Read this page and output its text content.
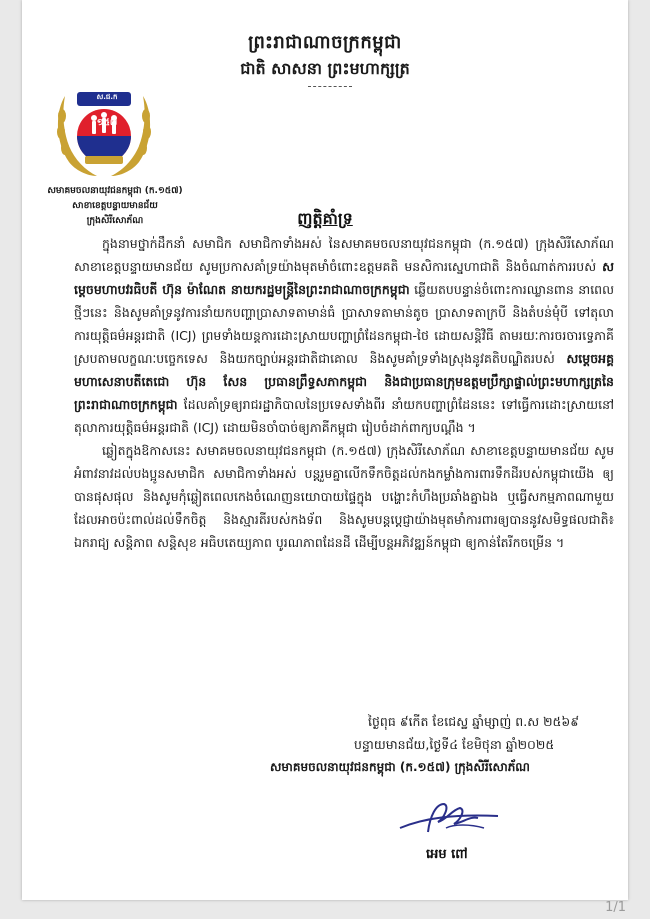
ព្រះរាជាណាចក្រកម្ពុជា
ជាតិ សាសនា ព្រះមហាក្សត្រ
ស.ជ.ក
១៥៧
សមាគមចលនាយុវជនកម្ពុជា (ក.១៥៧)
សាខាខេត្តបន្ទាយមានជ័យ
ក្រុងសិរីសោភ័ណ	ញត្តិគាំទ្រ

ក្នុងនាមថ្នាក់ដឹកនាំ សមាជិក សមាជិកាទាំងអស់ នៃសមាគមចលនាយុវជនកម្ពុជា (ក.១៥៧) ក្រុងសិរីសោភ័ណ សាខាខេត្តបន្ទាយមានជ័យ សូមប្រកាសគាំទ្រយ៉ាងមុតមាំចំពោះឧត្តមគតិ មនសិការស្នេហាជាតិ និងចំណាត់ការរបស់ សម្តេចមហាបវរធិបតី ហ៊ុន ម៉ាណែត នាយករដ្ឋមន្ត្រីនៃព្រះរាជាណាចក្រកម្ពុជា ឆ្លើយតបបន្ទាន់ចំពោះការឈ្លានពាន នាពេលថ្មីៗនេះ និងសូមគាំទ្រនូវការនាំយកបញ្ហាប្រាសាទតាមាន់ធំ ប្រាសាទតាមាន់តូច ប្រាសាទតាក្របី និងតំបន់មុំបី ទៅតុលាការយុត្តិធម៌អន្តរជាតិ (ICJ) ព្រមទាំងយន្តការដោះស្រាយបញ្ហាព្រំដែនកម្ពុជា-ថៃ ដោយសន្តិវិធី តាមរយៈការចរចារទ្វេភាគី ស្របតាមលក្ខណៈបច្ចេកទេស និងយកច្បាប់អន្តរជាតិជាគោល និងសូមគាំទ្រទាំងស្រុងនូវគតិបណ្ឌិតរបស់ សម្តេចអគ្គមហាសេនាបតីតេជោ ហ៊ុន សែន ប្រធានព្រឹទ្ធសភាកម្ពុជា និងជាប្រធានក្រុមឧត្តមប្រឹក្សាផ្ទាល់ព្រះមហាក្សត្រនៃព្រះរាជាណាចក្រកម្ពុជា ដែលគាំទ្រឲ្យរាជរដ្ឋាភិបាលនៃប្រទេសទាំងពីរ នាំយកបញ្ហាព្រំដែននេះ ទៅធ្វើការដោះស្រាយនៅតុលាការយុត្តិធម៌អន្តរជាតិ (ICJ) ដោយមិនចាំបាច់ឲ្យភាគីកម្ពុជា រៀបចំដាក់ពាក្យបណ្តឹង ។

ឆ្លៀតក្នុងឱកាសនេះ សមាគមចលនាយុវជនកម្ពុជា (ក.១៥៧) ក្រុងសិរីសោភ័ណ សាខាខេត្តបន្ទាយមានជ័យ សូមអំពាវនាវដល់បងប្អូនសមាជិក សមាជិកាទាំងអស់ បន្តរួមគ្នាលើកទឹកចិត្តដល់កងកម្លាំងការពារទឹកដីរបស់កម្ពុជាយើង ឲ្យបានផុសផុល និងសូមកុំឆ្លៀតពេលកេងចំណេញនយោបាយផ្ទៃក្នុង បង្ហោះកំហឹងប្រឆាំងគ្នាឯង ឬធ្វើសកម្មភាពណាមួយ ដែលអាចប៉ះពាល់ដល់ទឹកចិត្ត និងស្មារតីរបស់កងទ័ព និងសូមបន្តប្តេជ្ញាយ៉ាងមុតមាំការពារឲ្យបាននូវសមិទ្ធផលជាតិ៖ ឯករាជ្យ សន្តិភាព សន្តិសុខ អធិបតេយ្យភាព បូរណភាពដែនដី ដើម្បីបន្តអភិវឌ្ឍន៍កម្ពុជា ឲ្យកាន់តែរីកចម្រើន ។

ថ្ងៃពុធ ៩កើត ខែជេស្ឋ ឆ្នាំម្សាញ់ ព.ស ២៥៦៩
បន្ទាយមានជ័យ,ថ្ងៃទី៤ ខែមិថុនា ឆ្នាំ២០២៥
សមាគមចលនាយុវជនកម្ពុជា (ក.១៥៧) ក្រុងសិរីសោភ័ណ
អេម ពៅ
1/1
